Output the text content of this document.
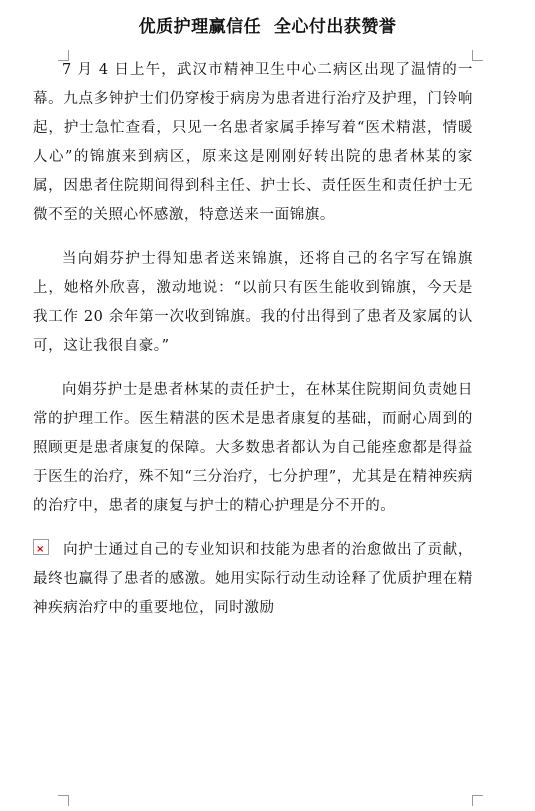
优质护理赢信任  全心付出获赞誉

7 月 4 日上午，武汉市精神卫生中心二病区出现了温情的一幕。九点多钟护士们仍穿梭于病房为患者进行治疗及护理，门铃响起，护士急忙查看，只见一名患者家属手捧写着“医术精湛，情暖人心”的锦旗来到病区，原来这是刚刚好转出院的患者林某的家属，因患者住院期间得到科主任、护士长、责任医生和责任护士无微不至的关照心怀感激，特意送来一面锦旗。

当向娟芬护士得知患者送来锦旗，还将自己的名字写在锦旗上，她格外欣喜，激动地说：“以前只有医生能收到锦旗，今天是我工作 20 余年第一次收到锦旗。我的付出得到了患者及家属的认可，这让我很自豪。”

向娟芬护士是患者林某的责任护士，在林某住院期间负责她日常的护理工作。医生精湛的医术是患者康复的基础，而耐心周到的照顾更是患者康复的保障。大多数患者都认为自己能痊愈都是得益于医生的治疗，殊不知“三分治疗，七分护理”，尤其是在精神疾病的治疗中，患者的康复与护士的精心护理是分不开的。

× 向护士通过自己的专业知识和技能为患者的治愈做出了贡献，最终也赢得了患者的感激。她用实际行动生动诠释了优质护理在精神疾病治疗中的重要地位，同时激励
